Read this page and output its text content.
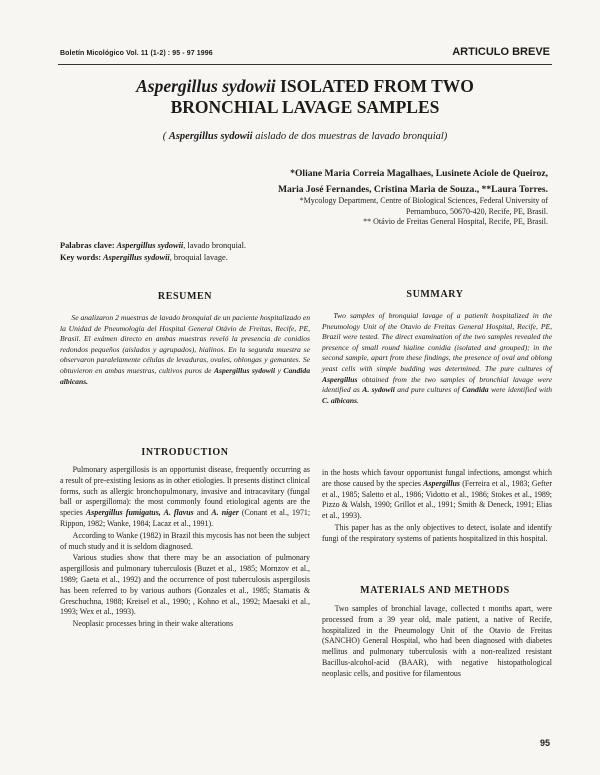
Boletín Micológico Vol. 11 (1-2) : 95 - 97 1996	ARTICULO BREVE
Aspergillus sydowii ISOLATED FROM TWO
BRONCHIAL LAVAGE SAMPLES
( Aspergillus sydowii aislado de dos muestras de lavado bronquial)
*Oliane Maria Correia Magalhaes, Lusinete Aciole de Queiroz,
Maria José Fernandes, Cristina Maria de Souza., **Laura Torres.
*Mycology Department, Centre of Biological Sciences, Federal University of
Pernambuco, 50670-420, Recife, PE, Brasil.
** Otávio de Freitas General Hospital, Recife, PE, Brasil.
Palabras clave: Aspergillus sydowii, lavado bronquial.
Key words: Aspergillus sydowii, broquial lavage.
RESUMEN
Se analizaron 2 muestras de lavado bronquial de un paciente hospitalizado en la Unidad de Pneumología del Hospital General Otávio de Freitas, Recife, PE, Brasil. El exámen directo en ambas muestras reveló la presencia de conidios redondos pequeños (aislados y agrupados), hialinos. En la segunda muestra se observaron paralelamente células de levaduras, ovales, oblongas y gemantes. Se obtuvieron en ambas muestras, cultivos puros de Aspergillus sydowii y Candida albicans.
SUMMARY
Two samples of bronquial lavage of a patienlt hospitalized in the Pneumology Unit of the Otavio de Freitas General Hospital, Recife, PE, Brazil were tested. The direct examination of the two samples revealed the presence of small round hialine conidia (isolated and grouped); in the second sample, apart from these findings, the presence of oval and oblong yeast cells with simple budding was determined. The pure cultures of Aspergillus obtained from the two samples of bronchial lavage were identified as A. sydowii and pure cultures of Candida were identified with C. albicans.
INTRODUCTION

Pulmonary aspergillosis is an opportunist disease, frequently occurring as a result of pre-existing lesions as in other etiologies. It presents distinct clinical forms, such as allergic bronchopulmonary, invasive and intracavitary (fungal ball or aspergilloma): the most commonly found etiological agents are the species Aspergillus fumigatus, A. flavus and A. niger (Conant et al., 1971; Rippon, 1982; Wanke, 1984; Lacaz et al., 1991).

According to Wanke (1982) in Brazil this mycosis has not been the subject of much study and it is seldom diagnosed.

Various studies show that there may be an association of pulmonary aspergillosis and pulmonary tuberculosis (Buzet et al., 1985; Mornzov et al., 1989; Gaeta et al., 1992) and the occurrence of post tuberculosis aspergilosis has been referred to by various authors (Gonzales et al., 1985; Stamatis & Greschuchna, 1988; Kreisel et al., 1990; , Kohno et al., 1992; Maesaki et al., 1993; Wex et al., 1993).

Neoplasic processes bring in their wake alterations

in the hosts which favour opportunist fungal infections, amongst which are those caused by the species Aspergillus (Ferreira et al., 1983; Gefter et al., 1985; Saletto et al., 1986; Vidotto et al., 1986; Stokes et al., 1989; Pizzo & Walsh, 1990; Grillot et al., 1991; Smith & Deneck, 1991; Elias et al., 1993).

This paper has as the only objectives to detect, isolate and identify fungi of the respiratory systems of patients hospitalized in this hospital.

MATERIALS AND METHODS

Two samples of bronchial lavage, collected t months apart, were processed from a 39 year old, male patient, a native of Recife, hospitalized in the Pneumology Unit of the Otavio de Freitas (SANCHO) General Hospital, who had been diagnosed with diabetes mellitus and pulmonary tuberculosis with a non-realized resistant Bacillus-alcohol-acid (BAAR), with negative histopathological neoplasic cells, and positive for filamentous

95
